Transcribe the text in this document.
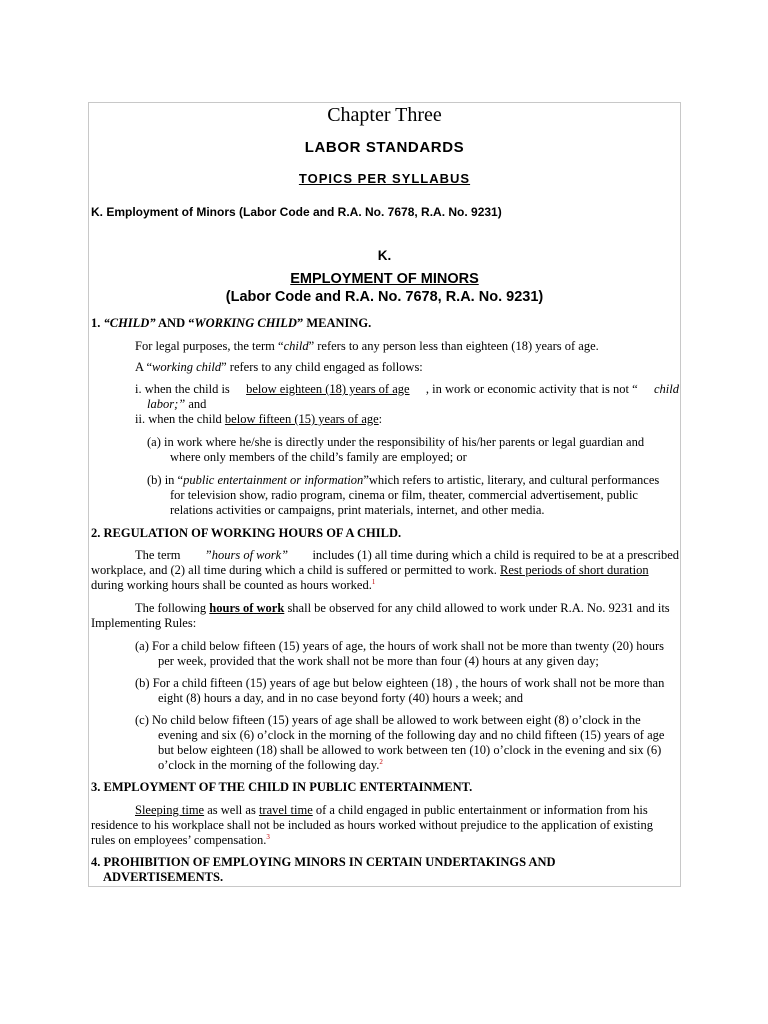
Chapter Three
LABOR STANDARDS
TOPICS PER SYLLABUS
K. Employment of Minors (Labor Code and R.A. No. 7678, R.A. No. 9231)
K.
EMPLOYMENT OF MINORS
(Labor Code and R.A. No. 7678, R.A. No. 9231)
1. “CHILD” AND “WORKING CHILD” MEANING.
For legal purposes, the term “child” refers to any person less than eighteen (18) years of age.
A “working child” refers to any child engaged as follows:
i. when the child is below eighteen (18) years of age , in work or economic activity that is not “ child
labor;” and
ii. when the child below fifteen (15) years of age:
(a) in work where he/she is directly under the responsibility of his/her parents or legal guardian and
where only members of the child’s family are employed; or
(b) in “public entertainment or information”which refers to artistic, literary, and cultural performances
for television show, radio program, cinema or film, theater, commercial advertisement, public
relations activities or campaigns, print materials, internet, and other media.
2. REGULATION OF WORKING HOURS OF A CHILD.
The term ”hours of work” includes (1) all time during which a child is required to be at a prescribed
workplace, and (2) all time during which a child is suffered or permitted to work. Rest periods of short duration
during working hours shall be counted as hours worked.$^1$
The following hours of work shall be observed for any child allowed to work under R.A. No. 9231 and its
Implementing Rules:
(a) For a child below fifteen (15) years of age, the hours of work shall not be more than twenty (20) hours
per week, provided that the work shall not be more than four (4) hours at any given day;
(b) For a child fifteen (15) years of age but below eighteen (18) , the hours of work shall not be more than
eight (8) hours a day, and in no case beyond forty (40) hours a week; and
(c) No child below fifteen (15) years of age shall be allowed to work between eight (8) o’clock in the
evening and six (6) o’clock in the morning of the following day and no child fifteen (15) years of age
but below eighteen (18) shall be allowed to work between ten (10) o’clock in the evening and six (6)
o’clock in the morning of the following day.$^2$
3. EMPLOYMENT OF THE CHILD IN PUBLIC ENTERTAINMENT.
Sleeping time as well as travel time of a child engaged in public entertainment or information from his
residence to his workplace shall not be included as hours worked without prejudice to the application of existing
rules on employees’ compensation.$^3$
4. PROHIBITION OF EMPLOYING MINORS IN CERTAIN UNDERTAKINGS AND
ADVERTISEMENTS.
